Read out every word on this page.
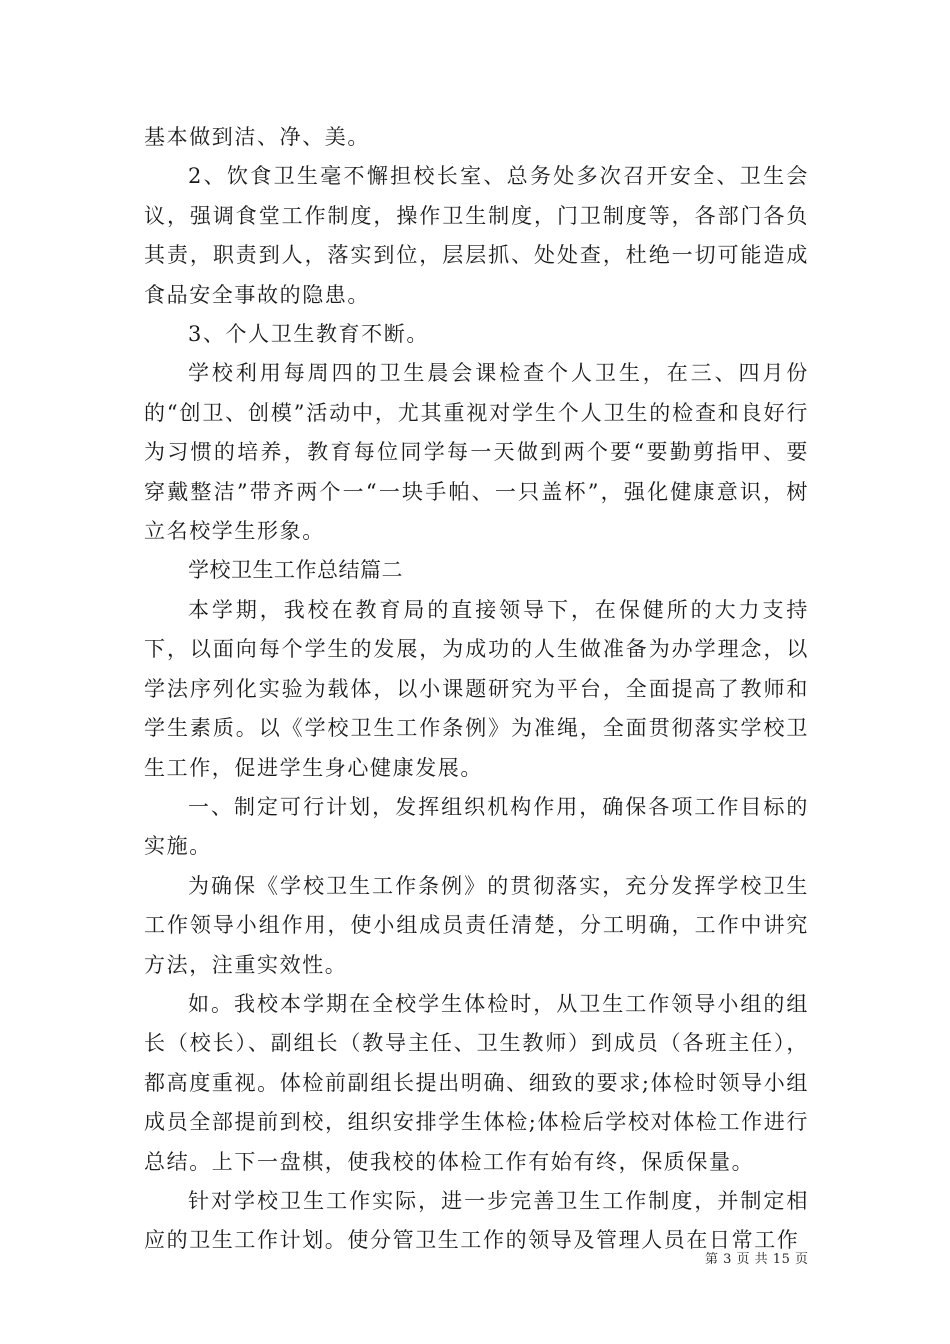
基本做到洁、净、美。

2、饮食卫生毫不懈担校长室、总务处多次召开安全、卫生会议，强调食堂工作制度，操作卫生制度，门卫制度等，各部门各负其责，职责到人，落实到位，层层抓、处处查，杜绝一切可能造成食品安全事故的隐患。

3、个人卫生教育不断。

学校利用每周四的卫生晨会课检查个人卫生，在三、四月份的“创卫、创模”活动中，尤其重视对学生个人卫生的检查和良好行为习惯的培养，教育每位同学每一天做到两个要“要勤剪指甲、要穿戴整洁”带齐两个一“一块手帕、一只盖杯”，强化健康意识，树立名校学生形象。

学校卫生工作总结篇二

本学期，我校在教育局的直接领导下，在保健所的大力支持下，以面向每个学生的发展，为成功的人生做准备为办学理念，以学法序列化实验为载体，以小课题研究为平台，全面提高了教师和学生素质。以《学校卫生工作条例》为准绳，全面贯彻落实学校卫生工作，促进学生身心健康发展。

一、制定可行计划，发挥组织机构作用，确保各项工作目标的实施。

为确保《学校卫生工作条例》的贯彻落实，充分发挥学校卫生工作领导小组作用，使小组成员责任清楚，分工明确，工作中讲究方法，注重实效性。

如。我校本学期在全校学生体检时，从卫生工作领导小组的组长（校长）、副组长（教导主任、卫生教师）到成员（各班主任），都高度重视。体检前副组长提出明确、细致的要求;体检时领导小组成员全部提前到校，组织安排学生体检;体检后学校对体检工作进行总结。上下一盘棋，使我校的体检工作有始有终，保质保量。

针对学校卫生工作实际，进一步完善卫生工作制度，并制定相应的卫生工作计划。使分管卫生工作的领导及管理人员在日常工作

第 3 页 共 15 页
